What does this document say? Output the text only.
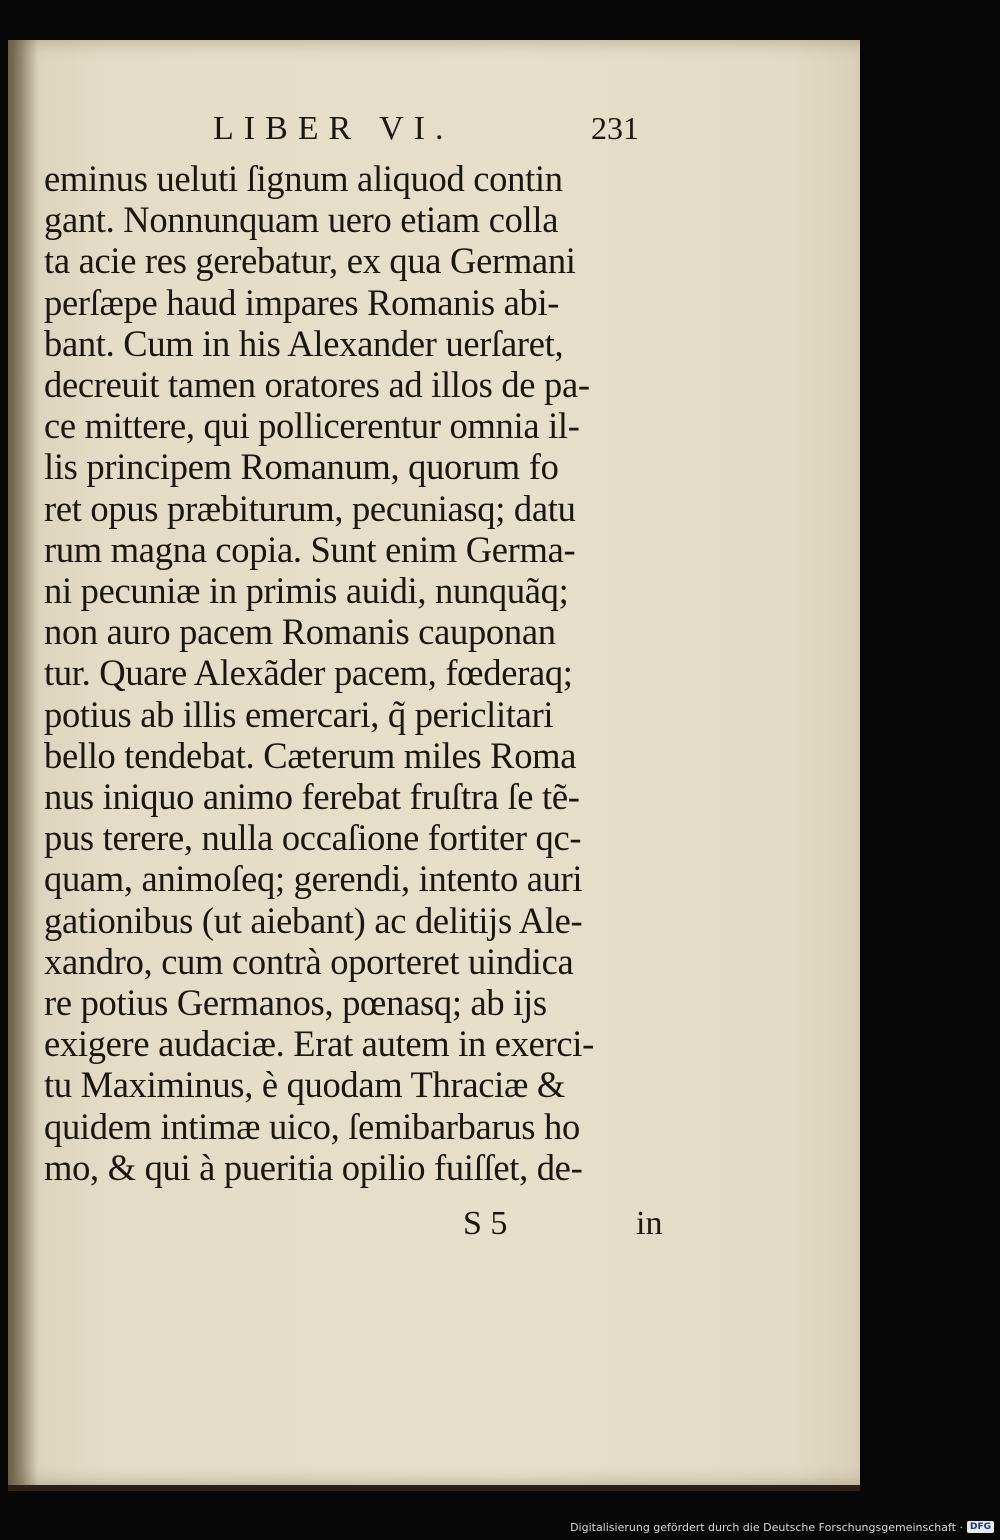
LIBER VI.	231
eminus ueluti ſignum aliquod contin
gant. Nonnunquam uero etiam colla
ta acie res gerebatur, ex qua Germani
perſæpe haud impares Romanis abi-
bant. Cum in his Alexander uerſaret,
decreuit tamen oratores ad illos de pa-
ce mittere, qui pollicerentur omnia il-
lis principem Romanum, quorum fo
ret opus præbiturum, pecuniasq; datu
rum magna copia. Sunt enim Germa-
ni pecuniæ in primis auidi, nunquãq;
non auro pacem Romanis cauponan
tur. Quare Alexãder pacem, fœderaq;
potius ab illis emercari, q̃ periclitari
bello tendebat. Cæterum miles Roma
nus iniquo animo ferebat fruſtra ſe tẽ-
pus terere, nulla occaſione fortiter qc-
quam, animoſeq; gerendi, intento auri
gationibus (ut aiebant) ac delitijs Ale-
xandro, cum contrà oporteret uindica
re potius Germanos, pœnasq; ab ijs
exigere audaciæ. Erat autem in exerci-
tu Maximinus, è quodam Thraciæ &
quidem intimæ uico, ſemibarbarus ho
mo, & qui à pueritia opilio fuiſſet, de-
S 5	in
Digitalisierung gefördert durch die Deutsche Forschungsgemeinschaft · DFG
